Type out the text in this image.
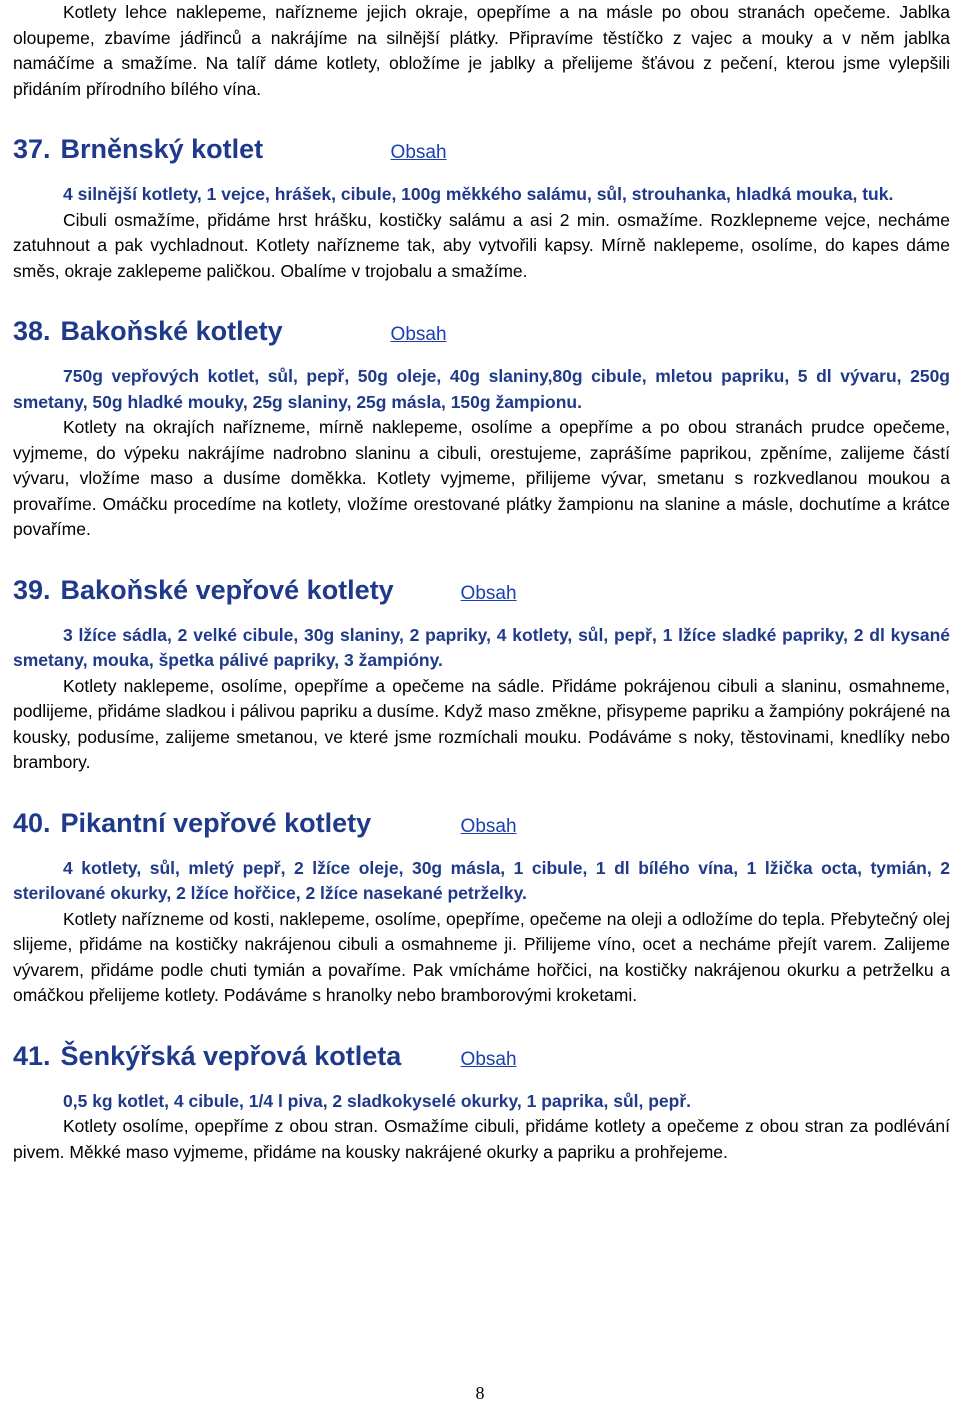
Kotlety lehce naklepeme, nařízneme jejich okraje, opepříme a na másle po obou stranách opečeme. Jablka oloupeme, zbavíme jádřinců a nakrájíme na silnější plátky. Připravíme těstíčko z vajec a mouky a v něm jablka namáčíme a smažíme. Na talíř dáme kotlety, obložíme je jablky a přelijeme šťávou z pečení, kterou jsme vylepšili přidáním přírodního bílého vína.

37. Brněnský kotlet	Obsah

4 silnější kotlety, 1 vejce, hrášek, cibule, 100g měkkého salámu, sůl, strouhanka, hladká mouka, tuk.

Cibuli osmažíme, přidáme hrst hrášku, kostičky salámu a asi 2 min. osmažíme. Rozklepneme vejce, necháme zatuhnout a pak vychladnout. Kotlety nařízneme tak, aby vytvořili kapsy. Mírně naklepeme, osolíme, do kapes dáme směs, okraje zaklepeme paličkou. Obalíme v trojobalu a smažíme.

38. Bakoňské kotlety	Obsah

750g vepřových kotlet, sůl, pepř, 50g oleje, 40g slaniny,80g cibule, mletou papriku, 5 dl vývaru, 250g smetany, 50g hladké mouky, 25g slaniny, 25g másla, 150g žampionu.

Kotlety na okrajích nařízneme, mírně naklepeme, osolíme a opepříme a po obou stranách prudce opečeme, vyjmeme, do výpeku nakrájíme nadrobno slaninu a cibuli, orestujeme, zaprášíme paprikou, zpěníme, zalijeme částí vývaru, vložíme maso a dusíme doměkka. Kotlety vyjmeme, přilijeme vývar, smetanu s rozkvedlanou moukou a provaříme. Omáčku procedíme na kotlety, vložíme orestované plátky žampionu na slanine a másle, dochutíme a krátce povaříme.

39. Bakoňské vepřové kotlety	Obsah

3 lžíce sádla, 2 velké cibule, 30g slaniny, 2 papriky, 4 kotlety, sůl, pepř, 1 lžíce sladké papriky, 2 dl kysané smetany, mouka, špetka pálivé papriky, 3 žampióny.

Kotlety naklepeme, osolíme, opepříme a opečeme na sádle. Přidáme pokrájenou cibuli a slaninu, osmahneme, podlijeme, přidáme sladkou i pálivou papriku a dusíme. Když maso změkne, přisypeme papriku a žampióny pokrájené na kousky, podusíme, zalijeme smetanou, ve které jsme rozmíchali mouku. Podáváme s noky, těstovinami, knedlíky nebo brambory.

40. Pikantní vepřové kotlety	Obsah

4 kotlety, sůl, mletý pepř, 2 lžíce oleje, 30g másla, 1 cibule, 1 dl bílého vína, 1 lžička octa, tymián, 2 sterilované okurky, 2 lžíce hořčice, 2 lžíce nasekané petrželky.

Kotlety nařízneme od kosti, naklepeme, osolíme, opepříme, opečeme na oleji a odložíme do tepla. Přebytečný olej slijeme, přidáme na kostičky nakrájenou cibuli a osmahneme ji. Přilijeme víno, ocet a necháme přejít varem. Zalijeme vývarem, přidáme podle chuti tymián a povaříme. Pak vmícháme hořčici, na kostičky nakrájenou okurku a petrželku a omáčkou přelijeme kotlety. Podáváme s hranolky nebo bramborovými kroketami.

41. Šenkýřská vepřová kotleta	Obsah

0,5 kg kotlet, 4 cibule, 1/4 l piva, 2 sladkokyselé okurky, 1 paprika, sůl, pepř.

Kotlety osolíme, opepříme z obou stran. Osmažíme cibuli, přidáme kotlety a opečeme z obou stran za podlévání pivem. Měkké maso vyjmeme, přidáme na kousky nakrájené okurky a papriku a prohřejeme.

8
